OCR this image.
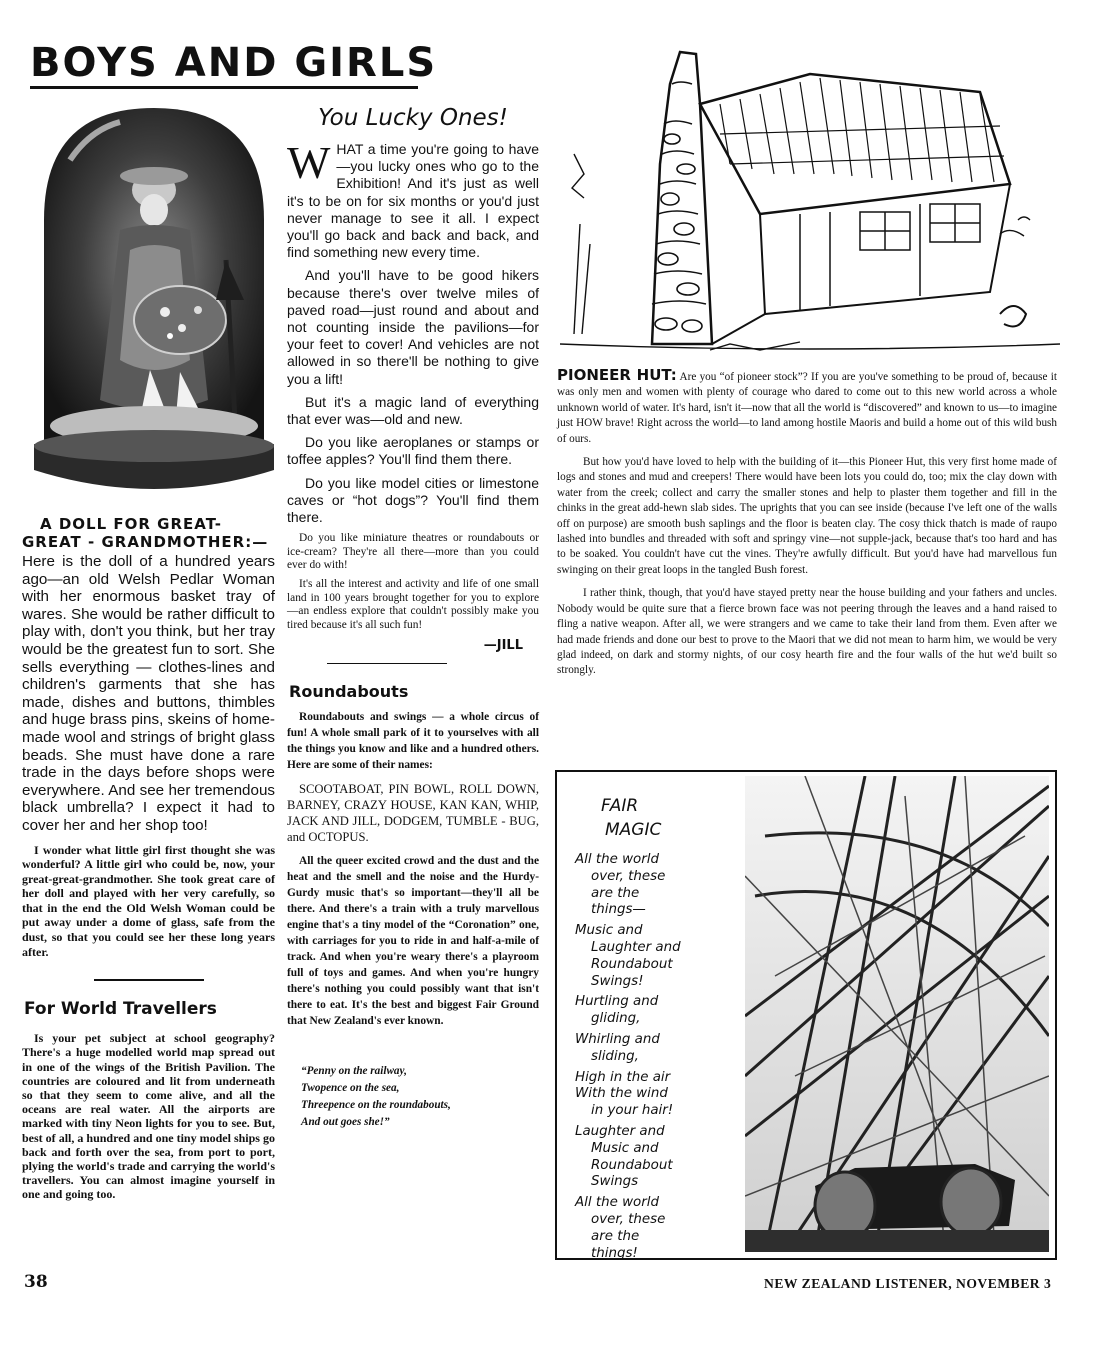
BOYS AND GIRLS

A DOLL FOR GREAT-GREAT - GRANDMOTHER:—

Here is the doll of a hundred years ago—an old Welsh Pedlar Woman with her enormous basket tray of wares. She would be rather difficult to play with, don't you think, but her tray would be the greatest fun to sort. She sells everything — clothes-lines and children's garments that she has made, dishes and buttons, thimbles and huge brass pins, skeins of home-made wool and strings of bright glass beads. She must have done a rare trade in the days before shops were everywhere. And see her tremendous black umbrella? I expect it had to cover her and her shop too!

I wonder what little girl first thought she was wonderful? A little girl who could be, now, your great-great-grandmother. She took great care of her doll and played with her very carefully, so that in the end the Old Welsh Woman could be put away under a dome of glass, safe from the dust, so that you could see her these long years after.

For World Travellers

Is your pet subject at school geography? There's a huge modelled world map spread out in one of the wings of the British Pavilion. The countries are coloured and lit from underneath so that they seem to come alive, and all the oceans are real water. All the airports are marked with tiny Neon lights for you to see. But, best of all, a hundred and one tiny model ships go back and forth over the sea, from port to port, plying the world's trade and carrying the world's travellers. You can almost imagine yourself in one and going too.

You Lucky Ones!

WHAT a time you're going to have—you lucky ones who go to the Exhibition! And it's just as well it's to be on for six months or you'd just never manage to see it all. I expect you'll go back and back and back, and find something new every time.

And you'll have to be good hikers because there's over twelve miles of paved road—just round and about and not counting inside the pavilions—for your feet to cover! And vehicles are not allowed in so there'll be nothing to give you a lift!

But it's a magic land of everything that ever was—old and new.

Do you like aeroplanes or stamps or toffee apples? You'll find them there.

Do you like model cities or limestone caves or “hot dogs”? You'll find them there.

Do you like miniature theatres or roundabouts or ice-cream? They're all there—more than you could ever do with!

It's all the interest and activity and life of one small land in 100 years brought together for you to explore—an endless explore that couldn't possibly make you tired because it's all such fun!

—JILL

Roundabouts

Roundabouts and swings — a whole circus of fun! A whole small park of it to yourselves with all the things you know and like and a hundred others. Here are some of their names:

SCOOTABOAT, PIN BOWL, ROLL DOWN, BARNEY, CRAZY HOUSE, KAN KAN, WHIP, JACK AND JILL, DODGEM, TUMBLE - BUG, and OCTOPUS.

All the queer excited crowd and the dust and the heat and the smell and the noise and the Hurdy-Gurdy music that's so important—they'll all be there. And there's a train with a truly marvellous engine that's a tiny model of the “Coronation” one, with carriages for you to ride in and half-a-mile of track. And when you're weary there's a playroom full of toys and games. And when you're hungry there's nothing you could possibly want that isn't there to eat. It's the best and biggest Fair Ground that New Zealand's ever known.

“Penny on the railway,
Twopence on the sea,
Threepence on the roundabouts,
And out goes she!”

PIONEER HUT: Are you “of pioneer stock”? If you are you've something to be proud of, because it was only men and women with plenty of courage who dared to come out to this new world across a whole unknown world of water. It's hard, isn't it—now that all the world is “discovered” and known to us—to imagine just HOW brave! Right across the world—to land among hostile Maoris and build a home out of this wild bush of ours.

But how you'd have loved to help with the building of it—this Pioneer Hut, this very first home made of logs and stones and mud and creepers! There would have been lots you could do, too; mix the clay down with water from the creek; collect and carry the smaller stones and help to plaster them together and fill in the chinks in the great add-hewn slab sides. The uprights that you can see inside (because I've left one of the walls off on purpose) are smooth bush saplings and the floor is beaten clay. The cosy thick thatch is made of raupo lashed into bundles and threaded with soft and springy vine—not supple-jack, because that's too hard and has to be soaked. You couldn't have cut the vines. They're awfully difficult. But you'd have had marvellous fun swinging on their great loops in the tangled Bush forest.

I rather think, though, that you'd have stayed pretty near the house building and your fathers and uncles. Nobody would be quite sure that a fierce brown face was not peering through the leaves and a hand raised to fling a native weapon. After all, we were strangers and we came to take their land from them. Even after we had made friends and done our best to prove to the Maori that we did not mean to harm him, we would be very glad indeed, on dark and stormy nights, of our cosy hearth fire and the four walls of the hut we'd built so strongly.

FAIR
MAGIC

All the world

over, these
are the
things—

Music and

Laughter and
Roundabout
Swings!

Hurtling and

gliding,

Whirling and

sliding,

High in the air
With the wind

in your hair!

Laughter and

Music and
Roundabout
Swings

All the world

over, these
are the
things!

38	NEW ZEALAND LISTENER, NOVEMBER 3
